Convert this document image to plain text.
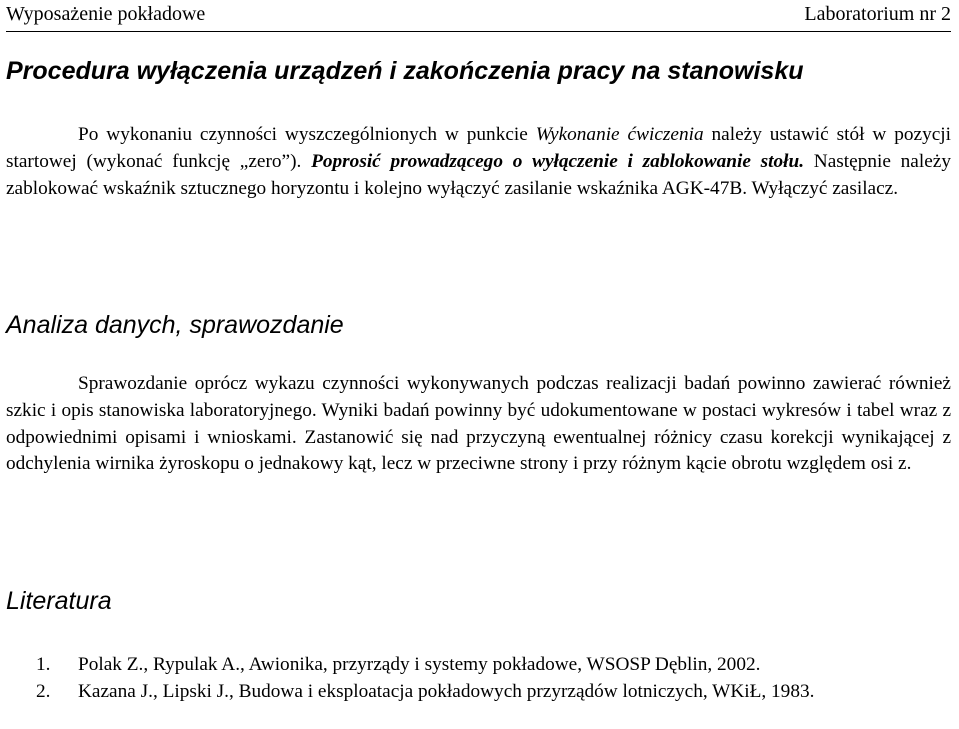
Wyposażenie pokładowe	Laboratorium nr 2
Procedura wyłączenia urządzeń i zakończenia pracy na stanowisku

Po wykonaniu czynności wyszczególnionych w punkcie Wykonanie ćwiczenia należy ustawić stół w pozycji startowej (wykonać funkcję „zero”). Poprosić prowadzącego o wyłączenie i zablokowanie stołu. Następnie należy zablokować wskaźnik sztucznego horyzontu i kolejno wyłączyć zasilanie wskaźnika AGK-47B. Wyłączyć zasilacz.

Analiza danych, sprawozdanie

Sprawozdanie oprócz wykazu czynności wykonywanych podczas realizacji badań powinno zawierać również szkic i opis stanowiska laboratoryjnego. Wyniki badań powinny być udokumentowane w postaci wykresów i tabel wraz z odpowiednimi opisami i wnioskami. Zastanowić się nad przyczyną ewentualnej różnicy czasu korekcji wynikającej z odchylenia wirnika żyroskopu o jednakowy kąt, lecz w przeciwne strony i przy różnym kącie obrotu względem osi z.

Literatura
1. Polak Z., Rypulak A., Awionika, przyrządy i systemy pokładowe, WSOSP Dęblin, 2002.
2. Kazana J., Lipski J., Budowa i eksploatacja pokładowych przyrządów lotniczych, WKiŁ, 1983.
